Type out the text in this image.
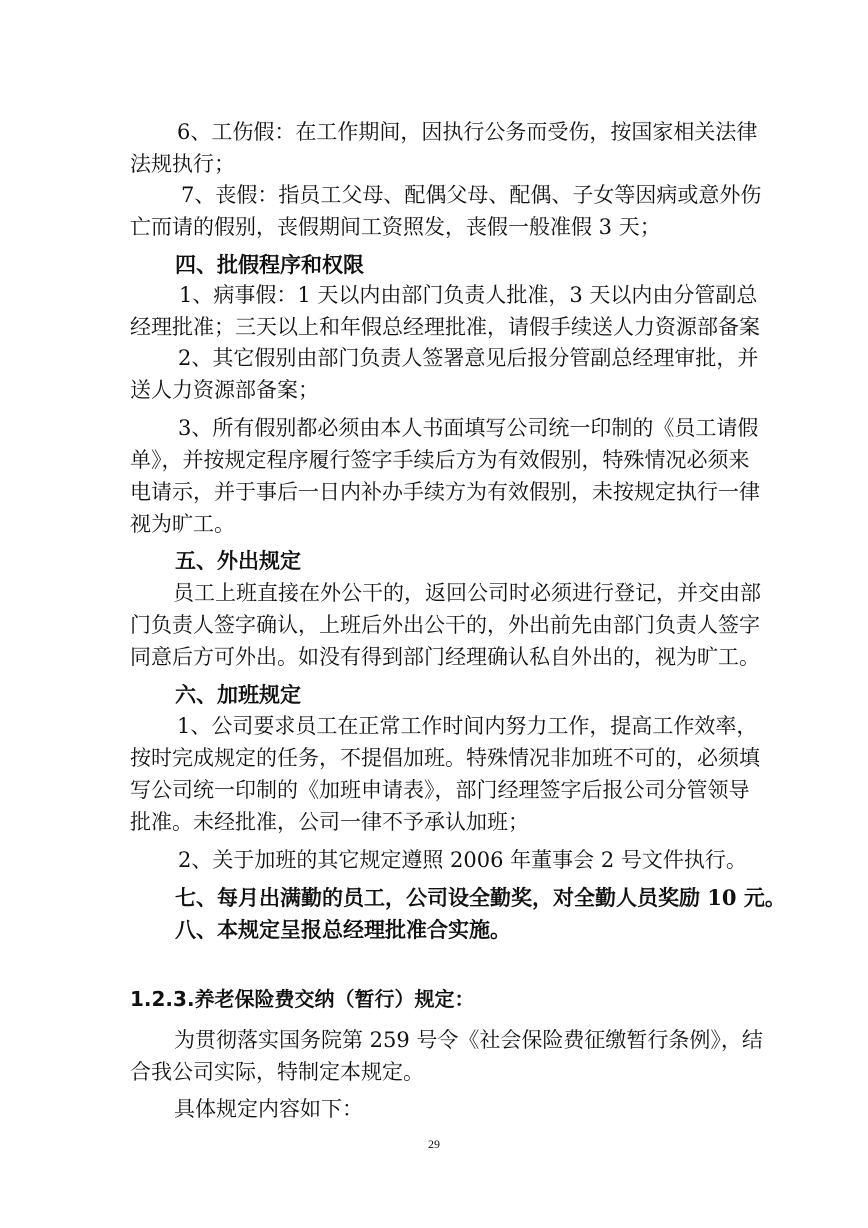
6、工伤假：在工作期间，因执行公务而受伤，按国家相关法律
法规执行；
7、丧假：指员工父母、配偶父母、配偶、子女等因病或意外伤
亡而请的假别，丧假期间工资照发，丧假一般准假 3 天；
四、批假程序和权限
1、病事假：1 天以内由部门负责人批准，3 天以内由分管副总
经理批准；三天以上和年假总经理批准，请假手续送人力资源部备案
2、其它假别由部门负责人签署意见后报分管副总经理审批，并
送人力资源部备案；
3、所有假别都必须由本人书面填写公司统一印制的《员工请假
单》，并按规定程序履行签字手续后方为有效假别，特殊情况必须来
电请示，并于事后一日内补办手续方为有效假别，未按规定执行一律
视为旷工。
五、外出规定
员工上班直接在外公干的，返回公司时必须进行登记，并交由部
门负责人签字确认，上班后外出公干的，外出前先由部门负责人签字
同意后方可外出。如没有得到部门经理确认私自外出的，视为旷工。
六、加班规定
1、公司要求员工在正常工作时间内努力工作，提高工作效率，
按时完成规定的任务，不提倡加班。特殊情况非加班不可的，必须填
写公司统一印制的《加班申请表》，部门经理签字后报公司分管领导
批准。未经批准，公司一律不予承认加班；
2、关于加班的其它规定遵照 2006 年董事会 2 号文件执行。
七、每月出满勤的员工，公司设全勤奖，对全勤人员奖励 10 元。
八、本规定呈报总经理批准合实施。
1.2.3.养老保险费交纳（暂行）规定：
为贯彻落实国务院第 259 号令《社会保险费征缴暂行条例》，结
合我公司实际，特制定本规定。
具体规定内容如下：
29
